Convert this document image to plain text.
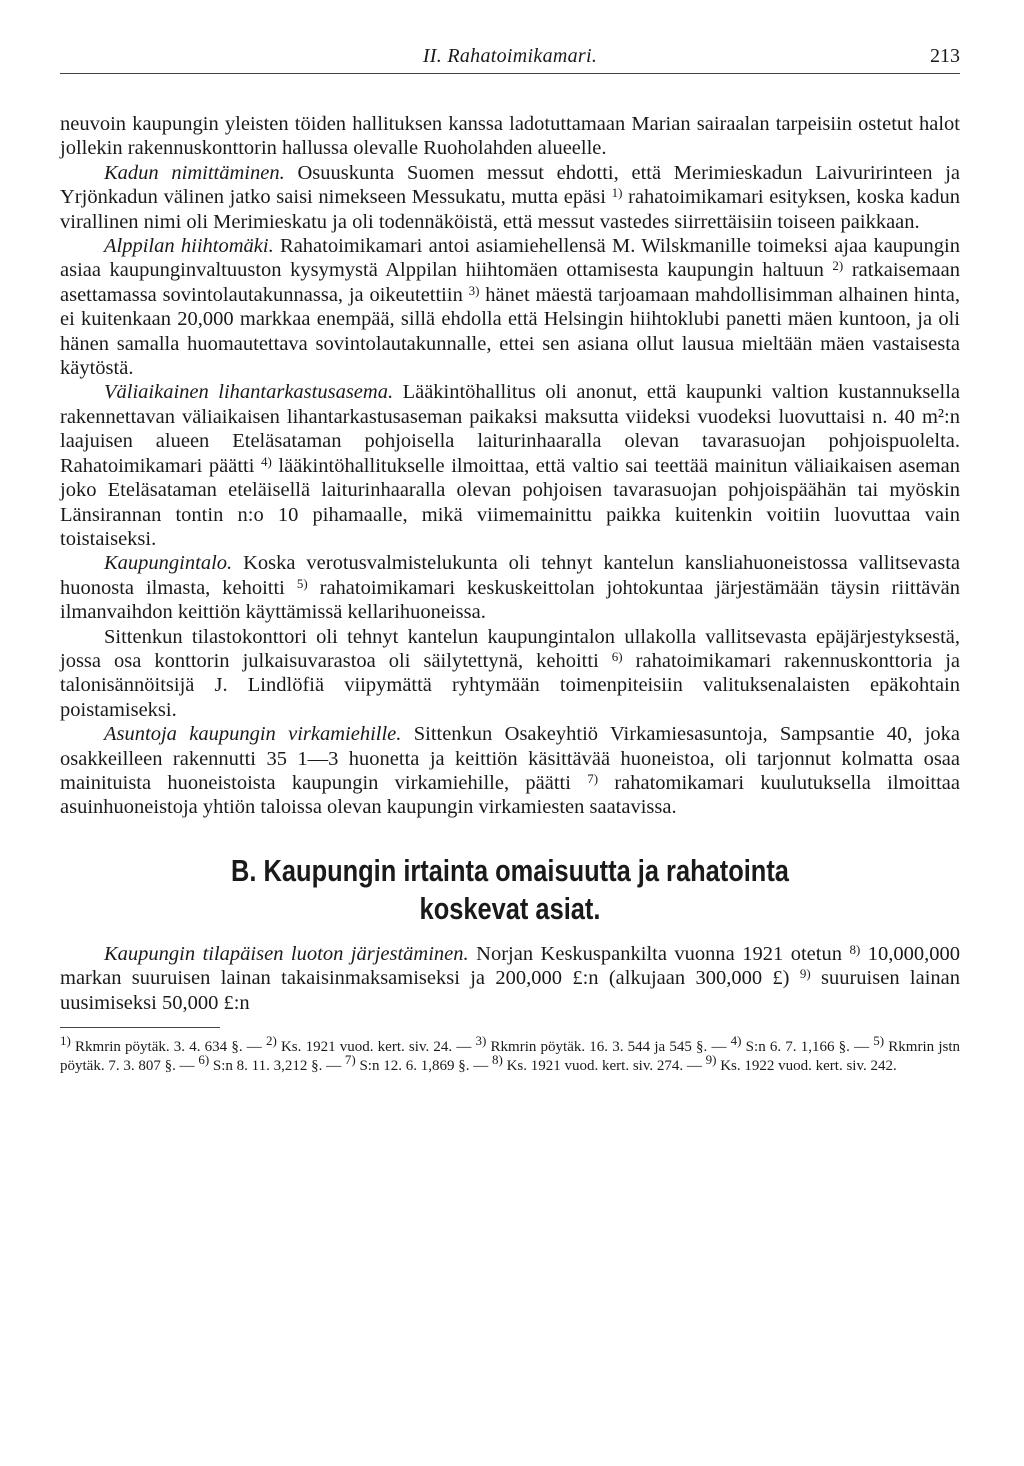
II. Rahatoimikamari.	213

neuvoin kaupungin yleisten töiden hallituksen kanssa ladotuttamaan Marian sairaalan tarpeisiin ostetut halot jollekin rakennuskonttorin hallussa olevalle Ruoholahden alueelle.

Kadun nimittäminen. Osuuskunta Suomen messut ehdotti, että Merimieskadun Laivuririnteen ja Yrjönkadun välinen jatko saisi nimekseen Messukatu, mutta epäsi $^{1)}$ rahatoimikamari esityksen, koska kadun virallinen nimi oli Merimieskatu ja oli todennäköistä, että messut vastedes siirrettäisiin toiseen paikkaan.

Alppilan hiihtomäki. Rahatoimikamari antoi asiamiehellensä M. Wilskmanille toimeksi ajaa kaupungin asiaa kaupunginvaltuuston kysymystä Alppilan hiihtomäen ottamisesta kaupungin haltuun $^{2)}$ ratkaisemaan asettamassa sovintolautakunnassa, ja oikeutettiin $^{3)}$ hänet mäestä tarjoamaan mahdollisimman alhainen hinta, ei kuitenkaan 20,000 markkaa enempää, sillä ehdolla että Helsingin hiihtoklubi panetti mäen kuntoon, ja oli hänen samalla huomautettava sovintolautakunnalle, ettei sen asiana ollut lausua mieltään mäen vastaisesta käytöstä.

Väliaikainen lihantarkastusasema. Lääkintöhallitus oli anonut, että kaupunki valtion kustannuksella rakennettavan väliaikaisen lihantarkastusaseman paikaksi maksutta viideksi vuodeksi luovuttaisi n. 40 m²:n laajuisen alueen Eteläsataman pohjoisella laiturinhaaralla olevan tavarasuojan pohjoispuolelta. Rahatoimikamari päätti $^{4)}$ lääkintöhallitukselle ilmoittaa, että valtio sai teettää mainitun väliaikaisen aseman joko Eteläsataman eteläisellä laiturinhaaralla olevan pohjoisen tavarasuojan pohjoispäähän tai myöskin Länsirannan tontin n:o 10 pihamaalle, mikä viimemainittu paikka kuitenkin voitiin luovuttaa vain toistaiseksi.

Kaupungintalo. Koska verotusvalmistelukunta oli tehnyt kantelun kansliahuoneistossa vallitsevasta huonosta ilmasta, kehoitti $^{5)}$ rahatoimikamari keskuskeittolan johtokuntaa järjestämään täysin riittävän ilmanvaihdon keittiön käyttämissä kellarihuoneissa.

Sittenkun tilastokonttori oli tehnyt kantelun kaupungintalon ullakolla vallitsevasta epäjärjestyksestä, jossa osa konttorin julkaisuvarastoa oli säilytettynä, kehoitti $^{6)}$ rahatoimikamari rakennuskonttoria ja talonisännöitsijä J. Lindlöfiä viipymättä ryhtymään toimenpiteisiin valituksenalaisten epäkohtain poistamiseksi.

Asuntoja kaupungin virkamiehille. Sittenkun Osakeyhtiö Virkamiesasuntoja, Sampsantie 40, joka osakkeilleen rakennutti 35 1—3 huonetta ja keittiön käsittävää huoneistoa, oli tarjonnut kolmatta osaa mainituista huoneistoista kaupungin virkamiehille, päätti $^{7)}$ rahatomikamari kuulutuksella ilmoittaa asuinhuoneistoja yhtiön taloissa olevan kaupungin virkamiesten saatavissa.

B. Kaupungin irtainta omaisuutta ja rahatointa
koskevat asiat.

Kaupungin tilapäisen luoton järjestäminen. Norjan Keskuspankilta vuonna 1921 otetun $^{8)}$ 10,000,000 markan suuruisen lainan takaisinmaksamiseksi ja 200,000 £:n (alkujaan 300,000 £) $^{9)}$ suuruisen lainan uusimiseksi 50,000 £:n

$^{1)}$ Rkmrin pöytäk. 3. 4. 634 §. — $^{2)}$ Ks. 1921 vuod. kert. siv. 24. — $^{3)}$ Rkmrin pöytäk. 16. 3. 544 ja 545 §. — $^{4)}$ S:n 6. 7. 1,166 §. — $^{5)}$ Rkmrin jstn pöytäk. 7. 3. 807 §. — $^{6)}$ S:n 8. 11. 3,212 §. — $^{7)}$ S:n 12. 6. 1,869 §. — $^{8)}$ Ks. 1921 vuod. kert. siv. 274. — $^{9)}$ Ks. 1922 vuod. kert. siv. 242.
